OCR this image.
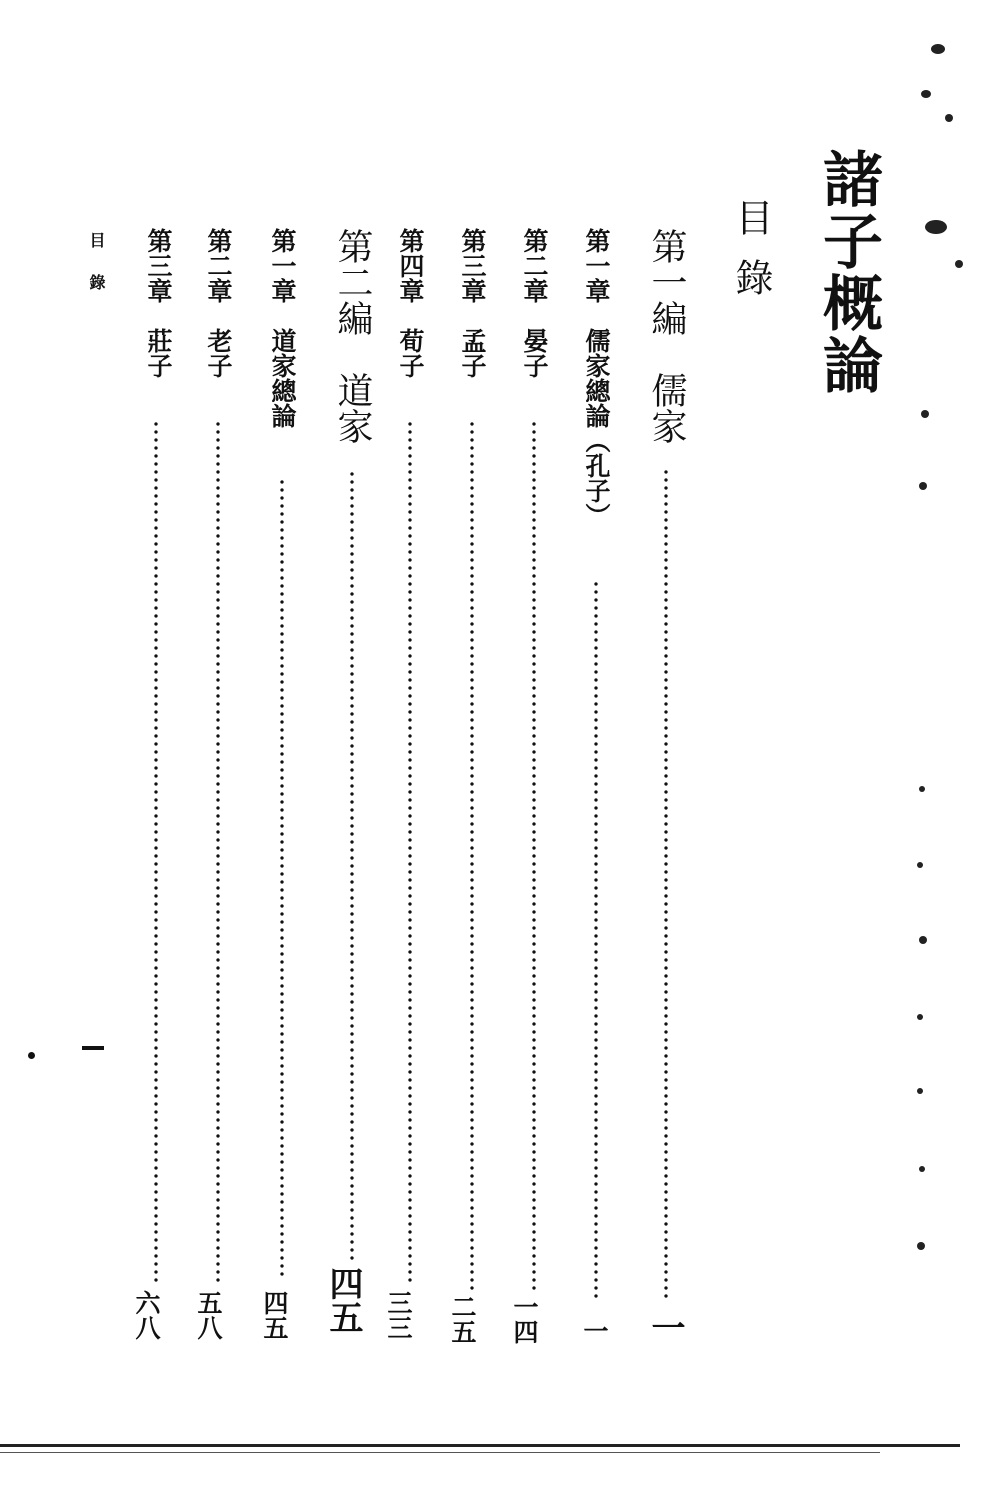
諸子概論
目錄
第一編　儒家
一
第一章　儒家總論︵孔子︶
一
第二章　晏子
一四
第三章　孟子
二五
第四章　荀子
三三
第二編　道家
四五
第一章　道家總論
四五
第二章　老子
五八
第三章　莊子
六八
目錄
